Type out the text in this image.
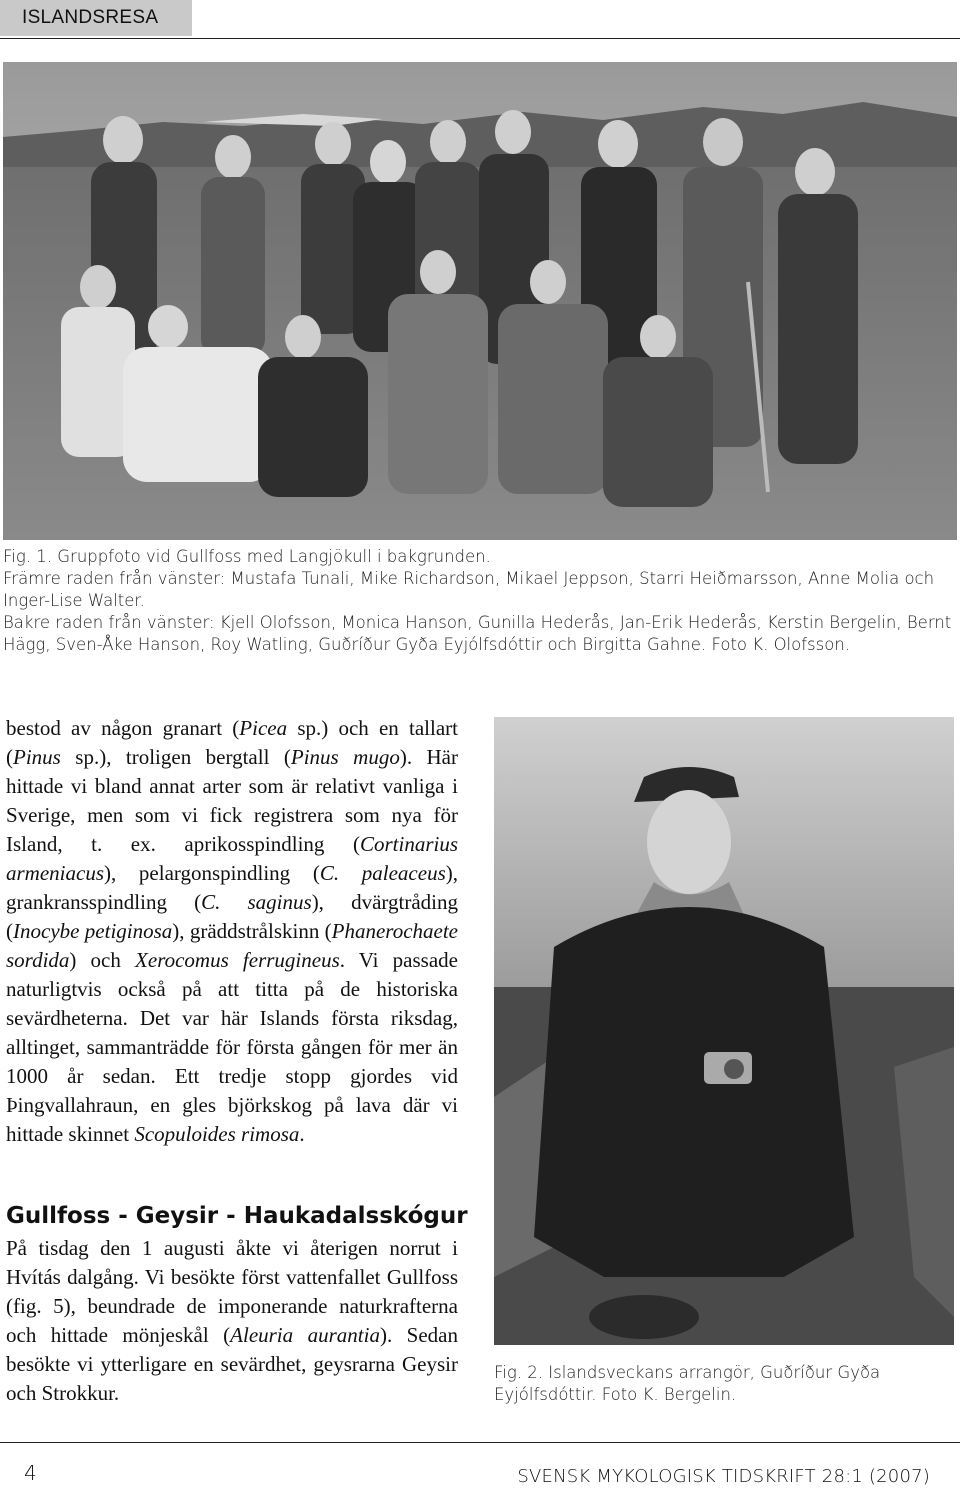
ISLANDSRESA

Fig. 1. Gruppfoto vid Gullfoss med Langjökull i bakgrunden.

Främre raden från vänster: Mustafa Tunali, Mike Richardson, Mikael Jeppson, Starri Heiðmarsson, Anne Molia och Inger-Lise Walter.

Bakre raden från vänster: Kjell Olofsson, Monica Hanson, Gunilla Hederås, Jan-Erik Hederås, Kerstin Bergelin, Bernt Hägg, Sven-Åke Hanson, Roy Watling, Guðríður Gyða Eyjólfsdóttir och Birgitta Gahne. Foto K. Olofsson.

bestod av någon granart (Picea sp.) och en tallart (Pinus sp.), troligen bergtall (Pinus mugo). Här hittade vi bland annat arter som är relativt vanliga i Sverige, men som vi fick registrera som nya för Island, t. ex. aprikosspindling (Cortinarius armeniacus), pelargonspindling (C. paleaceus), grankransspindling (C. saginus), dvärgtråding (Inocybe petiginosa), gräddstrålskinn (Phanerochaete sordida) och Xerocomus ferrugineus. Vi passade naturligtvis också på att titta på de historiska sevärdheterna. Det var här Islands första riksdag, alltinget, sammanträdde för första gången för mer än 1000 år sedan. Ett tredje stopp gjordes vid Þingvallahraun, en gles björkskog på lava där vi hittade skinnet Scopuloides rimosa.

Gullfoss - Geysir - Haukadalsskógur

På tisdag den 1 augusti åkte vi återigen norrut i Hvítás dalgång. Vi besökte först vattenfallet Gullfoss (fig. 5), beundrade de imponerande naturkrafterna och hittade mönjeskål (Aleuria aurantia). Sedan besökte vi ytterligare en sevärdhet, geysrarna Geysir och Strokkur.

Fig. 2. Islandsveckans arrangör, Guðríður Gyða Eyjólfsdóttir. Foto K. Bergelin.
4	SVENSK MYKOLOGISK TIDSKRIFT 28:1 (2007)
